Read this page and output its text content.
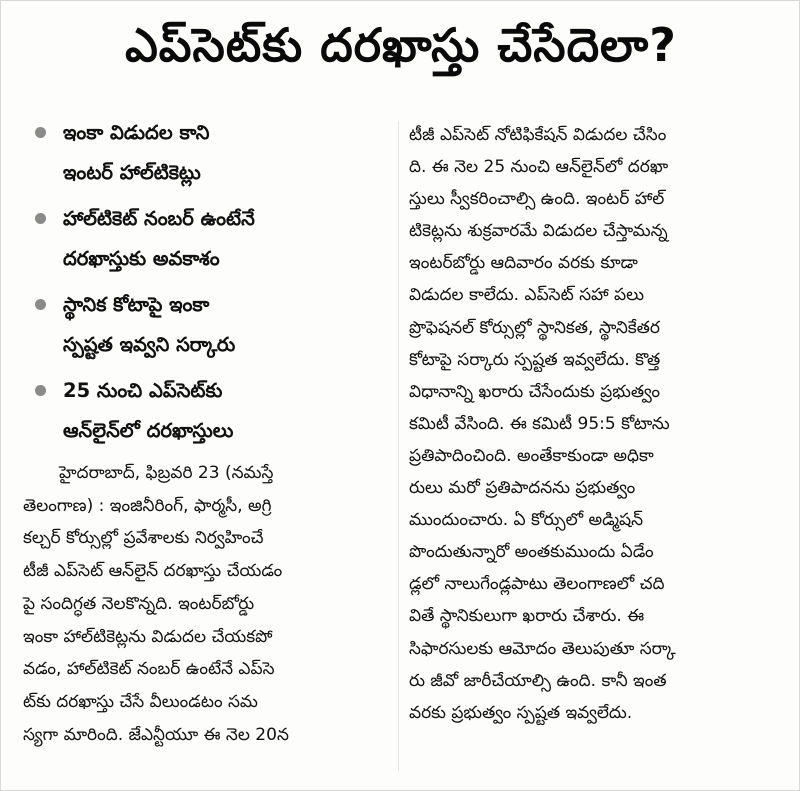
ఎప్‌సెట్‌కు దరఖాస్తు చేసేదెలా?
ఇంకా విడుదల కాని
ఇంటర్ హాల్‌టికెట్లు
హాల్‌టికెట్ నంబర్ ఉంటేనే
దరఖాస్తుకు అవకాశం
స్థానిక కోటాపై ఇంకా
స్పష్టత ఇవ్వని సర్కారు
25 నుంచి ఎప్‌సెట్‌కు
ఆన్‌లైన్‌లో దరఖాస్తులు
హైదరాబాద్, ఫిబ్రవరి 23 (నమస్తే
తెలంగాణ) : ఇంజినీరింగ్, ఫార్మసీ, అగ్రి
కల్చర్ కోర్సుల్లో ప్రవేశాలకు నిర్వహించే
టీజీ ఎప్‌సెట్ ఆన్‌లైన్ దరఖాస్తు చేయడం
పై సందిగ్ధత నెలకొన్నది. ఇంటర్‌బోర్డు
ఇంకా హాల్‌టికెట్లను విడుదల చేయకపో
వడం, హాల్‌టికెట్ నంబర్ ఉంటేనే ఎప్‌సె
ట్‌కు దరఖాస్తు చేసే వీలుండటం సమ
స్యగా మారింది. జేఎన్టీయూ ఈ నెల 20న
టీజీ ఎప్‌సెట్ నోటిఫికేషన్ విడుదల చేసిం
ది. ఈ నెల 25 నుంచి ఆన్‌లైన్‌లో దరఖా
స్తులు స్వీకరించాల్సి ఉంది. ఇంటర్ హాల్
టికెట్లను శుక్రవారమే విడుదల చేస్తామన్న
ఇంటర్‌బోర్డు ఆదివారం వరకు కూడా
విడుదల కాలేదు. ఎప్‌సెట్ సహా పలు
ప్రొఫెషనల్ కోర్సుల్లో స్థానికత, స్థానికేతర
కోటాపై సర్కారు స్పష్టత ఇవ్వలేదు. కొత్త
విధానాన్ని ఖరారు చేసేందుకు ప్రభుత్వం
కమిటీ వేసింది. ఈ కమిటీ 95:5 కోటాను
ప్రతిపాదించింది. అంతేకాకుండా అధికా
రులు మరో ప్రతిపాదనను ప్రభుత్వం
ముందుంచారు. ఏ కోర్సులో అడ్మిషన్
పొందుతున్నారో అంతకుముందు ఏడేం
డ్లలో నాలుగేండ్లపాటు తెలంగాణలో చది
వితే స్థానికులుగా ఖరారు చేశారు. ఈ
సిఫారసులకు ఆమోదం తెలుపుతూ సర్కా
రు జీవో జారీచేయాల్సి ఉంది. కానీ ఇంత
వరకు ప్రభుత్వం స్పష్టత ఇవ్వలేదు.
